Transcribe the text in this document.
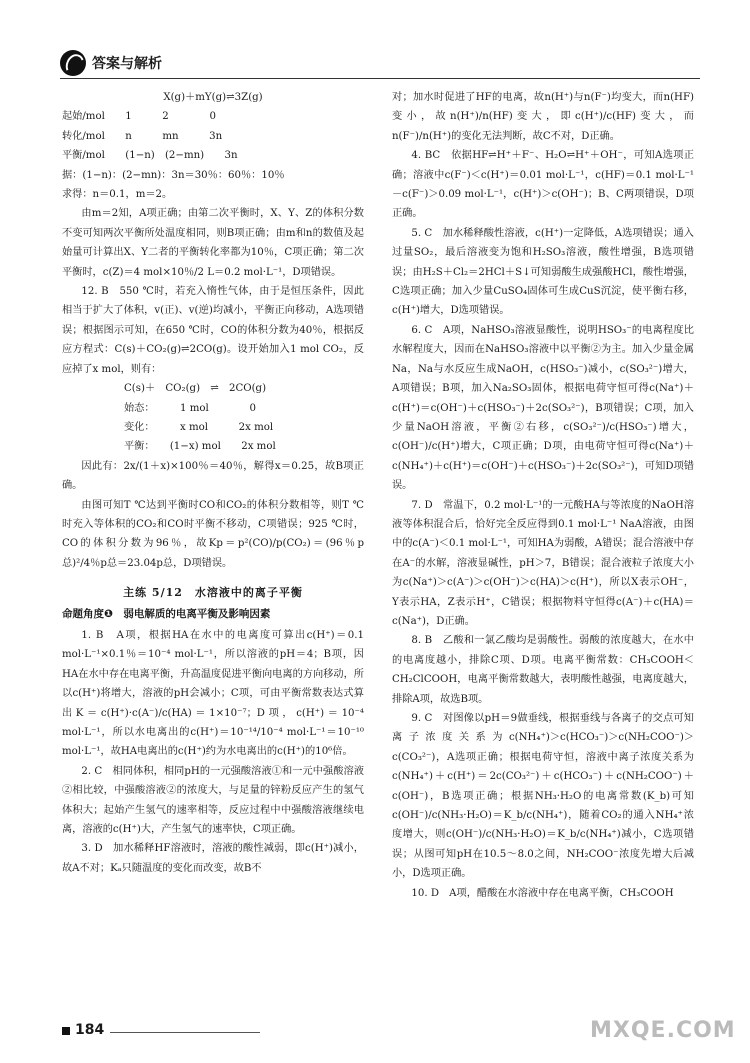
答案与解析

X(g)＋mY(g)⇌3Z(g)

起始/mol　　1　　　2　　　　0

转化/mol　　n　　　mn　　　3n

平衡/mol　　(1−n)　(2−mn)　　3n

据：(1−n)：(2−mn)：3n＝30％：60％：10％

求得：n＝0.1，m＝2。

由m＝2知，A项正确；由第二次平衡时，X、Y、Z的体积分数不变可知两次平衡所处温度相同，则B项正确；由m和n的数值及起始量可计算出X、Y二者的平衡转化率都为10％，C项正确；第二次平衡时，c(Z)＝4 mol×10％/2 L＝0.2 mol·L⁻¹，D项错误。

12. B　550 ℃时，若充入惰性气体，由于是恒压条件，因此相当于扩大了体积，v(正)、v(逆)均减小，平衡正向移动，A选项错误；根据图示可知，在650 ℃时，CO的体积分数为40％，根据反应方程式：C(s)＋CO₂(g)⇌2CO(g)。设开始加入1 mol CO₂，反应掉了x mol，则有：

C(s)＋　CO₂(g)　⇌　2CO(g)

始态：　　　1 mol　　　　0

变化：　　　x mol　　　2x mol

平衡：　　(1−x) mol　　2x mol

因此有：2x/(1＋x)×100％＝40％，解得x＝0.25，故B项正确。

由图可知T ℃达到平衡时CO和CO₂的体积分数相等，则T ℃时充入等体积的CO₂和CO时平衡不移动，C项错误；925 ℃时，CO的体积分数为96％，故Kp＝p²(CO)/p(CO₂)＝(96％p总)²/4％p总＝23.04p总，D项错误。

主练 5/12　水溶液中的离子平衡
命题角度❶　弱电解质的电离平衡及影响因素

1. B　A项，根据HA在水中的电离度可算出c(H⁺)＝0.1 mol·L⁻¹×0.1％＝10⁻⁴ mol·L⁻¹，所以溶液的pH＝4；B项，因HA在水中存在电离平衡，升高温度促进平衡向电离的方向移动，所以c(H⁺)将增大，溶液的pH会减小；C项，可由平衡常数表达式算出K＝c(H⁺)·c(A⁻)/c(HA)＝1×10⁻⁷；D项，c(H⁺)＝10⁻⁴ mol·L⁻¹，所以水电离出的c(H⁺)＝10⁻¹⁴/10⁻⁴ mol·L⁻¹＝10⁻¹⁰ mol·L⁻¹，故HA电离出的c(H⁺)约为水电离出的c(H⁺)的10⁶倍。

2. C　相同体积，相同pH的一元强酸溶液①和一元中强酸溶液②相比较，中强酸溶液②的浓度大，与足量的锌粉反应产生的氢气体积大；起始产生氢气的速率相等，反应过程中中强酸溶液继续电离，溶液的c(H⁺)大，产生氢气的速率快，C项正确。

3. D　加水稀释HF溶液时，溶液的酸性减弱，即c(H⁺)减小，故A不对；Kₐ只随温度的变化而改变，故B不

对；加水时促进了HF的电离，故n(H⁺)与n(F⁻)均变大，而n(HF)变小，故n(H⁺)/n(HF)变大，即c(H⁺)/c(HF)变大，而n(F⁻)/n(H⁺)的变化无法判断，故C不对，D正确。

4. BC　依据HF⇌H⁺＋F⁻、H₂O⇌H⁺＋OH⁻，可知A选项正确；溶液中c(F⁻)＜c(H⁺)＝0.01 mol·L⁻¹，c(HF)＝0.1 mol·L⁻¹－c(F⁻)＞0.09 mol·L⁻¹，c(H⁺)＞c(OH⁻)；B、C两项错误，D项正确。

5. C　加水稀释酸性溶液，c(H⁺)一定降低，A选项错误；通入过量SO₂，最后溶液变为饱和H₂SO₃溶液，酸性增强，B选项错误；由H₂S＋Cl₂＝2HCl＋S↓可知弱酸生成强酸HCl，酸性增强，C选项正确；加入少量CuSO₄固体可生成CuS沉淀，使平衡右移，c(H⁺)增大，D选项错误。

6. C　A项，NaHSO₃溶液显酸性，说明HSO₃⁻的电离程度比水解程度大，因而在NaHSO₃溶液中以平衡②为主。加入少量金属Na，Na与水反应生成NaOH，c(HSO₃⁻)减小，c(SO₃²⁻)增大，A项错误；B项，加入Na₂SO₃固体，根据电荷守恒可得c(Na⁺)＋c(H⁺)＝c(OH⁻)＋c(HSO₃⁻)＋2c(SO₃²⁻)，B项错误；C项，加入少量NaOH溶液，平衡②右移，c(SO₃²⁻)/c(HSO₃⁻)增大，c(OH⁻)/c(H⁺)增大，C项正确；D项，由电荷守恒可得c(Na⁺)＋c(NH₄⁺)＋c(H⁺)＝c(OH⁻)＋c(HSO₃⁻)＋2c(SO₃²⁻)，可知D项错误。

7. D　常温下，0.2 mol·L⁻¹的一元酸HA与等浓度的NaOH溶液等体积混合后，恰好完全反应得到0.1 mol·L⁻¹ NaA溶液，由图中的c(A⁻)＜0.1 mol·L⁻¹，可知HA为弱酸，A错误；混合溶液中存在A⁻的水解，溶液显碱性，pH＞7，B错误；混合液粒子浓度大小为c(Na⁺)＞c(A⁻)＞c(OH⁻)＞c(HA)＞c(H⁺)，所以X表示OH⁻，Y表示HA，Z表示H⁺，C错误；根据物料守恒得c(A⁻)＋c(HA)＝c(Na⁺)，D正确。

8. B　乙酸和一氯乙酸均是弱酸性。弱酸的浓度越大，在水中的电离度越小，排除C项、D项。电离平衡常数：CH₃COOH＜CH₂ClCOOH，电离平衡常数越大，表明酸性越强，电离度越大，排除A项，故选B项。

9. C　对图像以pH＝9做垂线，根据垂线与各离子的交点可知离子浓度关系为c(NH₄⁺)＞c(HCO₃⁻)＞c(NH₂COO⁻)＞c(CO₃²⁻)，A选项正确；根据电荷守恒，溶液中离子浓度关系为c(NH₄⁺)＋c(H⁺)＝2c(CO₃²⁻)＋c(HCO₃⁻)＋c(NH₂COO⁻)＋c(OH⁻)，B选项正确；根据NH₃·H₂O的电离常数(K_b)可知c(OH⁻)/c(NH₃·H₂O)＝K_b/c(NH₄⁺)，随着CO₂的通入NH₄⁺浓度增大，则c(OH⁻)/c(NH₃·H₂O)＝K_b/c(NH₄⁺)减小，C选项错误；从图可知pH在10.5～8.0之间，NH₂COO⁻浓度先增大后减小，D选项正确。

10. D　A项，醋酸在水溶液中存在电离平衡，CH₃COOH

184	MXQE.COM
